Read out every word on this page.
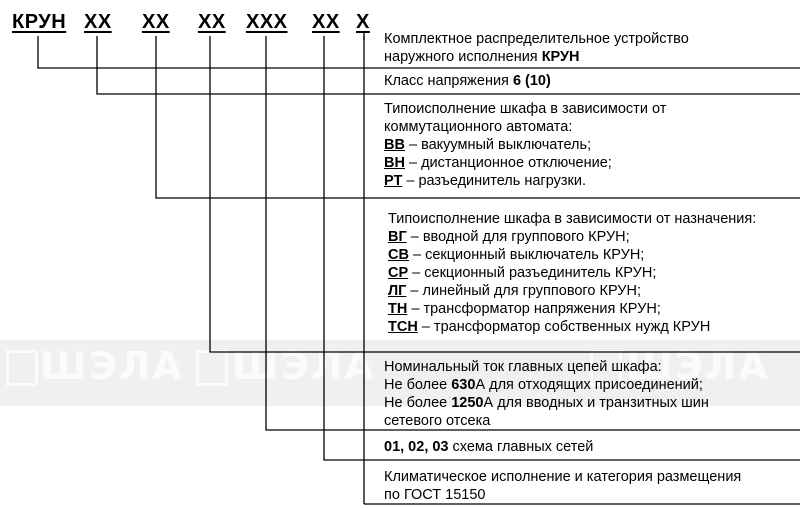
ШЭЛА ШЭЛА	ШЭЛА
КРУН XX XX XX XXX XX X
Комплектное распределительное устройство
наружного исполнения КРУН
Класс напряжения 6 (10)
Типоисполнение шкафа в зависимости от
коммутационного автомата:
ВВ – вакуумный выключатель;
ВН – дистанционное отключение;
РТ – разъединитель нагрузки.
Типоисполнение шкафа в зависимости от назначения:
ВГ – вводной для группового КРУН;
СВ – секционный выключатель КРУН;
СР – секционный разъединитель КРУН;
ЛГ – линейный для группового КРУН;
ТН – трансформатор напряжения КРУН;
ТСН – трансформатор собственных нужд КРУН
Номинальный ток главных цепей шкафа:
Не более 630А для отходящих присоединений;
Не более 1250А для вводных и транзитных шин
сетевого отсека
01, 02, 03 схема главных сетей
Климатическое исполнение и категория размещения
по ГОСТ 15150
